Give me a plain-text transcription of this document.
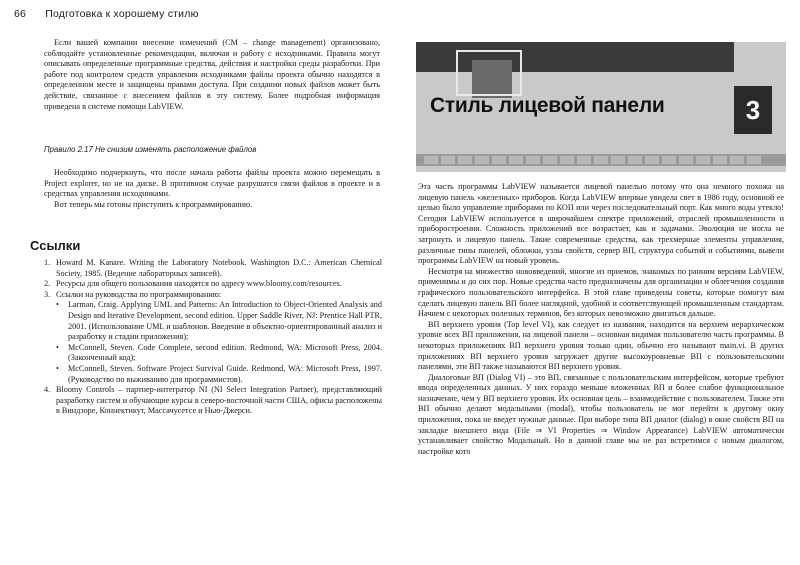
66 Подготовка к хорошему стилю

Если вашей компании внесение изменений (CM – change management) организовано, соблюдайте установленные рекомендации, включая и работу с исходниками. Правила могут описывать определенные программные средства, действия и настройки среды разработки. При работе под контролем средств управления исходниками файлы проекта обычно находятся в определенном месте и защищены правами доступа. При создании новых файлов может быть действие, связанное с внесением файлов в эту систему. Более подробная информация приведена в системе помощи LabVIEW.

Правило 2.17 Не снизим изменять расположение файлов

Необходимо подчеркнуть, что после начала работы файлы проекта можно перемещать в Project explorer, но не на диске. В противном случае разрушатся связи файлов в проекте и в средствах управления исходниками.

Вот теперь мы готовы приступить к программированию.

Ссылки
1. Howard M. Kanare. Writing the Laboratory Notebook. Washington D.C.: American Chemical Society, 1985. (Ведение лабораторных записей).
2. Ресурсы для общего пользования находятся по адресу www.bloomy.com/resources.
3. Ссылки на руководства по программированию:
•	Larman, Craig. Applying UML and Patterns: An Introduction to Object-Oriented Analysis and Design and Iterative Development, second edition. Upper Saddle River, NJ: Prentice Hall PTR, 2001. (Использование UML и шаблонов. Введение в объектно-ориентированный анализ и разработку и стадии приложения);
•	McConnell, Steven. Code Complete, second edition. Redmond, WA: Microsoft Press, 2004. (Законченный код);
•	McConnell, Steven. Software Project Survival Guide. Redmond, WA: Microsoft Press, 1997. (Руководство по выживанию для программистов).
4. Bloomy Controls – партнер-интегратор NI (NI Select Integration Partner), представляющий разработку систем и обучающие курсы в северо-восточной части США, офисы расположены в Виндзоре, Коннектикут, Массачусетсе и Нью-Джерси.
Стиль лицевой панели	3

Эта часть программы LabVIEW называется лицевой панелью потому что она немного похожа на лицевую панель «железных» приборов. Когда LabVIEW впервые увидела свет в 1986 году, основной ее целью было управление приборами по КОП или через последовательный порт. Как много воды утекло! Сегодня LabVIEW используется в широчайшем спектре приложений, отраслей промышленности и приборостроения. Сложность приложений все возрастает, как и задачами. Эволюция не могла не затронуть и лицевую панель. Такие современные средства, как трехмерные элементы управления, различные типы панелей, обложки, узлы свойств, сервер ВП, структура событий и событиями, вывели программы LabVIEW на новый уровень.

Несмотря на множество нововведений, многие из приемов, знакомых по ранним версиям LabVIEW, применимы и до сих пор. Новые средства часто предназначены для организации и облегчения создания графического пользовательского интерфейса. В этой главе приведены советы, которые помогут вам сделать лицевую панель ВП более наглядной, удобной и соответствующей промышленным стандартам. Начнем с некоторых полезных терминов, без которых невозможно двигаться дальше.

ВП верхнего уровня (Top level VI), как следует из названия, находится на верхнем иерархическом уровне всех ВП приложения, на лицевой панели – основная видимая пользователю часть программы. В некоторых приложениях ВП верхнего уровня только один, обычно его называют main.vi. В других приложениях ВП верхнего уровня загружает другие высокоуровневые ВП с пользовательскими панелями, эти ВП также называются ВП верхнего уровня.

Диалоговые ВП (Dialog VI) – это ВП, связанные с пользовательским интерфейсом, которые требуют ввода определенных данных. У них гораздо меньше вложенных ВП и более слабое функциональное назначение, чем у ВП верхнего уровня. Их основная цель – взаимодействие с пользователем. Также эти ВП обычно делают модальными (modal), чтобы пользователь не мог перейти к другому окну приложения, пока не введет нужные данные. При выборе типа ВП диалог (dialog) в окне свойств ВП на закладке внешнего вида (File ⇒ VI Properties ⇒ Window Appearance) LabVIEW автоматически устанавливает свойство Модальный. Но в данной главе мы не раз встретимся с новым диалогом, настройке кото
